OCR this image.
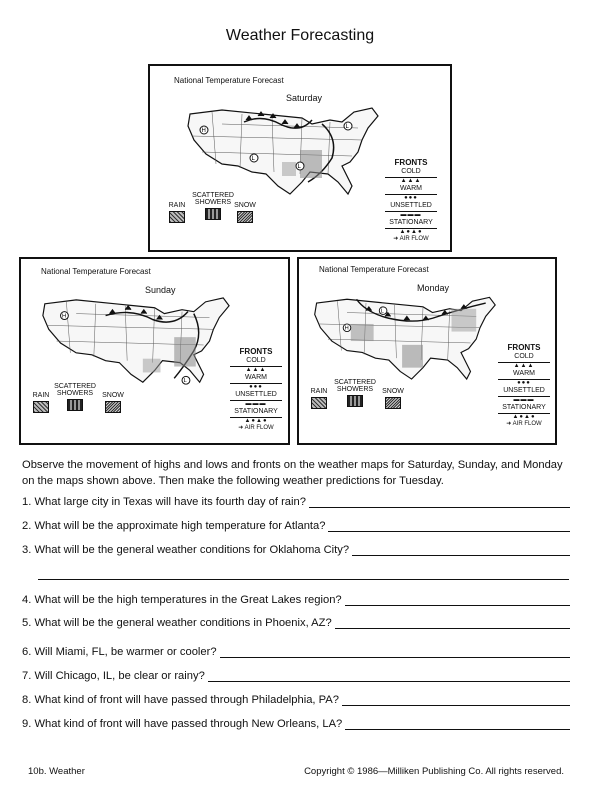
Weather Forecasting
National Temperature Forecast
Saturday
H
L
L
L
RAIN
SCATTERED
SHOWERS SNOW
FRONTS
COLD
▲▲▲
WARM
●●●
UNSETTLED
▬▬▬
STATIONARY
▲●▲●
➜ AIR FLOW
National Temperature Forecast
Sunday
H
L
RAIN
SCATTERED
SHOWERS	SNOW
FRONTS
COLD
▲▲▲
WARM
●●●
UNSETTLED
▬▬▬
STATIONARY
▲●▲●
➜ AIR FLOW
National Temperature Forecast
Monday
L
H
RAIN
SCATTERED
SHOWERS	SNOW
FRONTS
COLD
▲▲▲
WARM
●●●
UNSETTLED
▬▬▬
STATIONARY
▲●▲●
➜ AIR FLOW
Observe the movement of highs and lows and fronts on the weather maps for Saturday, Sunday, and Monday on the maps shown above. Then make the following weather predictions for Tuesday.
1. What large city in Texas will have its fourth day of rain?
2. What will be the approximate high temperature for Atlanta?
3. What will be the general weather conditions for Oklahoma City?
4. What will be the high temperatures in the Great Lakes region?
5. What will be the general weather conditions in Phoenix, AZ?
6. Will Miami, FL, be warmer or cooler?
7. Will Chicago, IL, be clear or rainy?
8. What kind of front will have passed through Philadelphia, PA?
9. What kind of front will have passed through New Orleans, LA?
10b. Weather	Copyright © 1986—Milliken Publishing Co. All rights reserved.
